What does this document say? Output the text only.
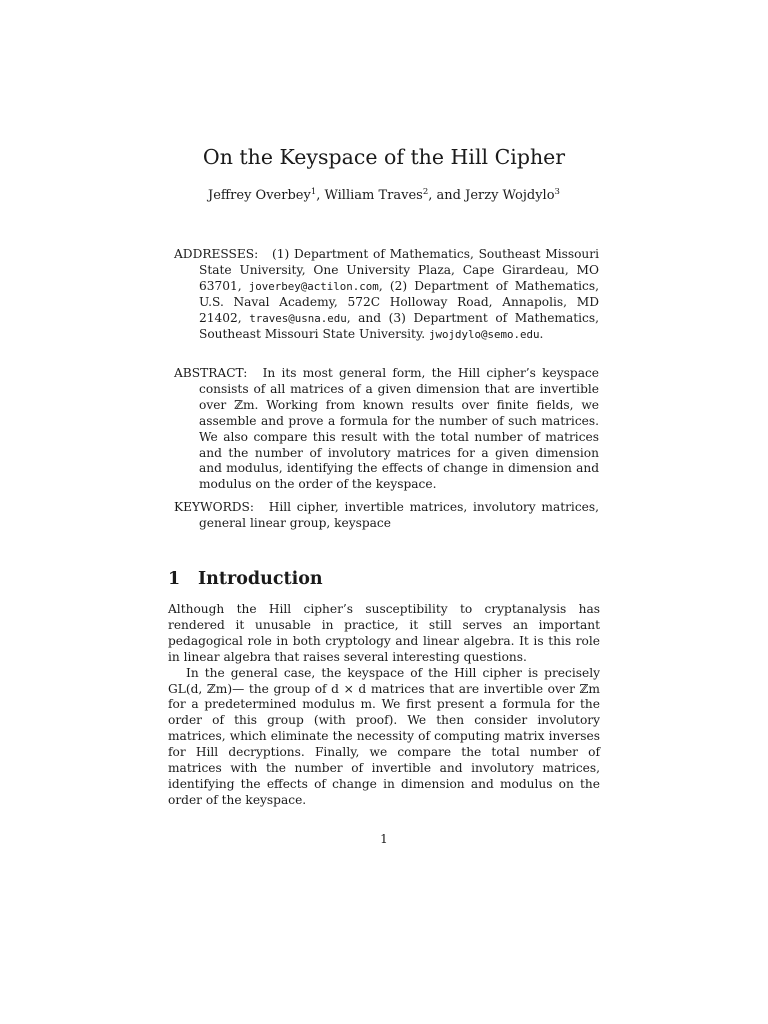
On the Keyspace of the Hill Cipher
Jeffrey Overbey$^1$, William Traves$^2$, and Jerzy Wojdylo$^3$

ADDRESSES: (1) Department of Mathematics, Southeast Missouri State University, One University Plaza, Cape Girardeau, MO 63701, joverbey@actilon.com, (2) Department of Mathematics, U.S. Naval Academy, 572C Holloway Road, Annapolis, MD 21402, traves@usna.edu, and (3) Department of Mathematics, Southeast Missouri State University. jwojdylo@semo.edu.

ABSTRACT: In its most general form, the Hill cipher’s keyspace consists of all matrices of a given dimension that are invertible over ℤm. Working from known results over finite fields, we assemble and prove a formula for the number of such matrices. We also compare this result with the total number of matrices and the number of involutory matrices for a given dimension and modulus, identifying the effects of change in dimension and modulus on the order of the keyspace.

KEYWORDS: Hill cipher, invertible matrices, involutory matrices, general linear group, keyspace

1 Introduction

Although the Hill cipher’s susceptibility to cryptanalysis has rendered it unusable in practice, it still serves an important pedagogical role in both cryptology and linear algebra. It is this role in linear algebra that raises several interesting questions.

In the general case, the keyspace of the Hill cipher is precisely GL(d, ℤm)— the group of d × d matrices that are invertible over ℤm for a predetermined modulus m. We first present a formula for the order of this group (with proof). We then consider involutory matrices, which eliminate the necessity of computing matrix inverses for Hill decryptions. Finally, we compare the total number of matrices with the number of invertible and involutory matrices, identifying the effects of change in dimension and modulus on the order of the keyspace.

1
